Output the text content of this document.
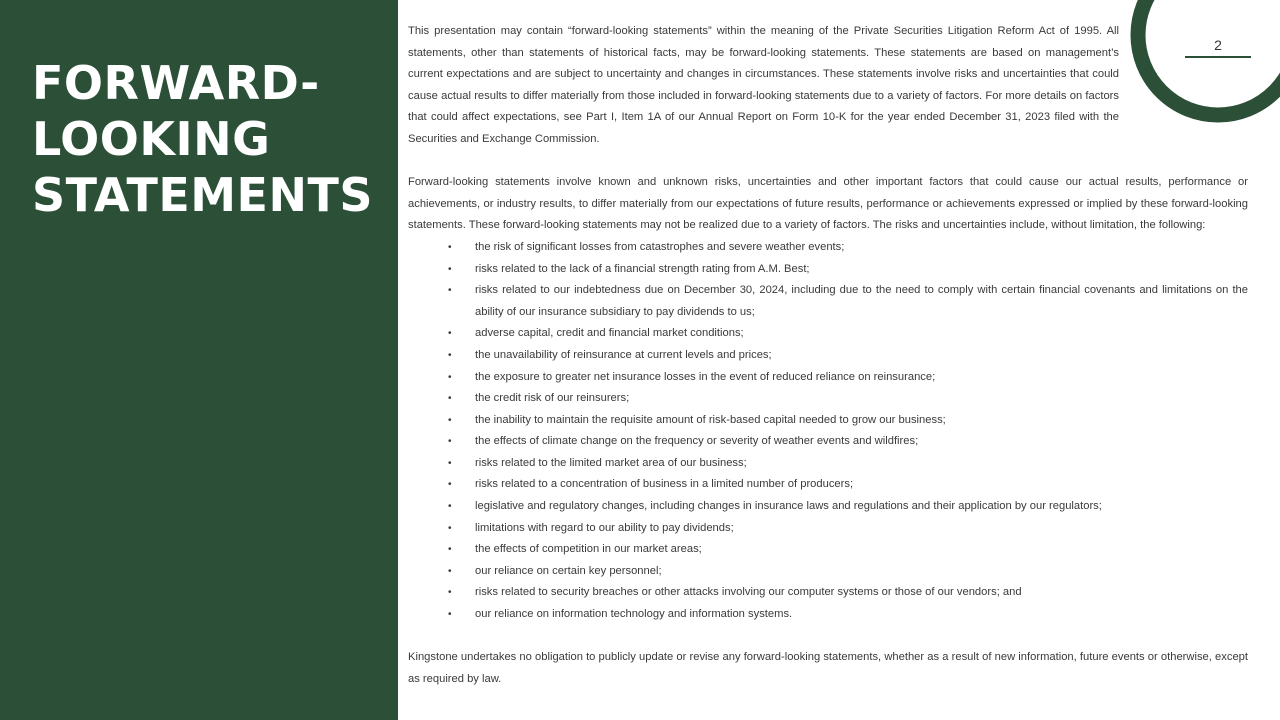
FORWARD-
LOOKING
STATEMENTS
2
This presentation may contain “forward-looking statements” within the meaning of the Private Securities Litigation Reform Act of 1995. All statements, other than statements of historical facts, may be forward-looking statements. These statements are based on management’s current expectations and are subject to uncertainty and changes in circumstances. These statements involve risks and uncertainties that could cause actual results to differ materially from those included in forward-looking statements due to a variety of factors. For more details on factors that could affect expectations, see Part I, Item 1A of our Annual Report on Form 10-K for the year ended December 31, 2023 filed with the Securities and Exchange Commission.
Forward-looking statements involve known and unknown risks, uncertainties and other important factors that could cause our actual results, performance or achievements, or industry results, to differ materially from our expectations of future results, performance or achievements expressed or implied by these forward-looking statements. These forward-looking statements may not be realized due to a variety of factors. The risks and uncertainties include, without limitation, the following:
• the risk of significant losses from catastrophes and severe weather events;
• risks related to the lack of a financial strength rating from A.M. Best;
• risks related to our indebtedness due on December 30, 2024, including due to the need to comply with certain financial covenants and limitations on the ability of our insurance subsidiary to pay dividends to us;
• adverse capital, credit and financial market conditions;
• the unavailability of reinsurance at current levels and prices;
• the exposure to greater net insurance losses in the event of reduced reliance on reinsurance;
• the credit risk of our reinsurers;
• the inability to maintain the requisite amount of risk-based capital needed to grow our business;
• the effects of climate change on the frequency or severity of weather events and wildfires;
• risks related to the limited market area of our business;
• risks related to a concentration of business in a limited number of producers;
• legislative and regulatory changes, including changes in insurance laws and regulations and their application by our regulators;
• limitations with regard to our ability to pay dividends;
• the effects of competition in our market areas;
• our reliance on certain key personnel;
• risks related to security breaches or other attacks involving our computer systems or those of our vendors; and
• our reliance on information technology and information systems.
Kingstone undertakes no obligation to publicly update or revise any forward-looking statements, whether as a result of new information, future events or otherwise, except as required by law.
